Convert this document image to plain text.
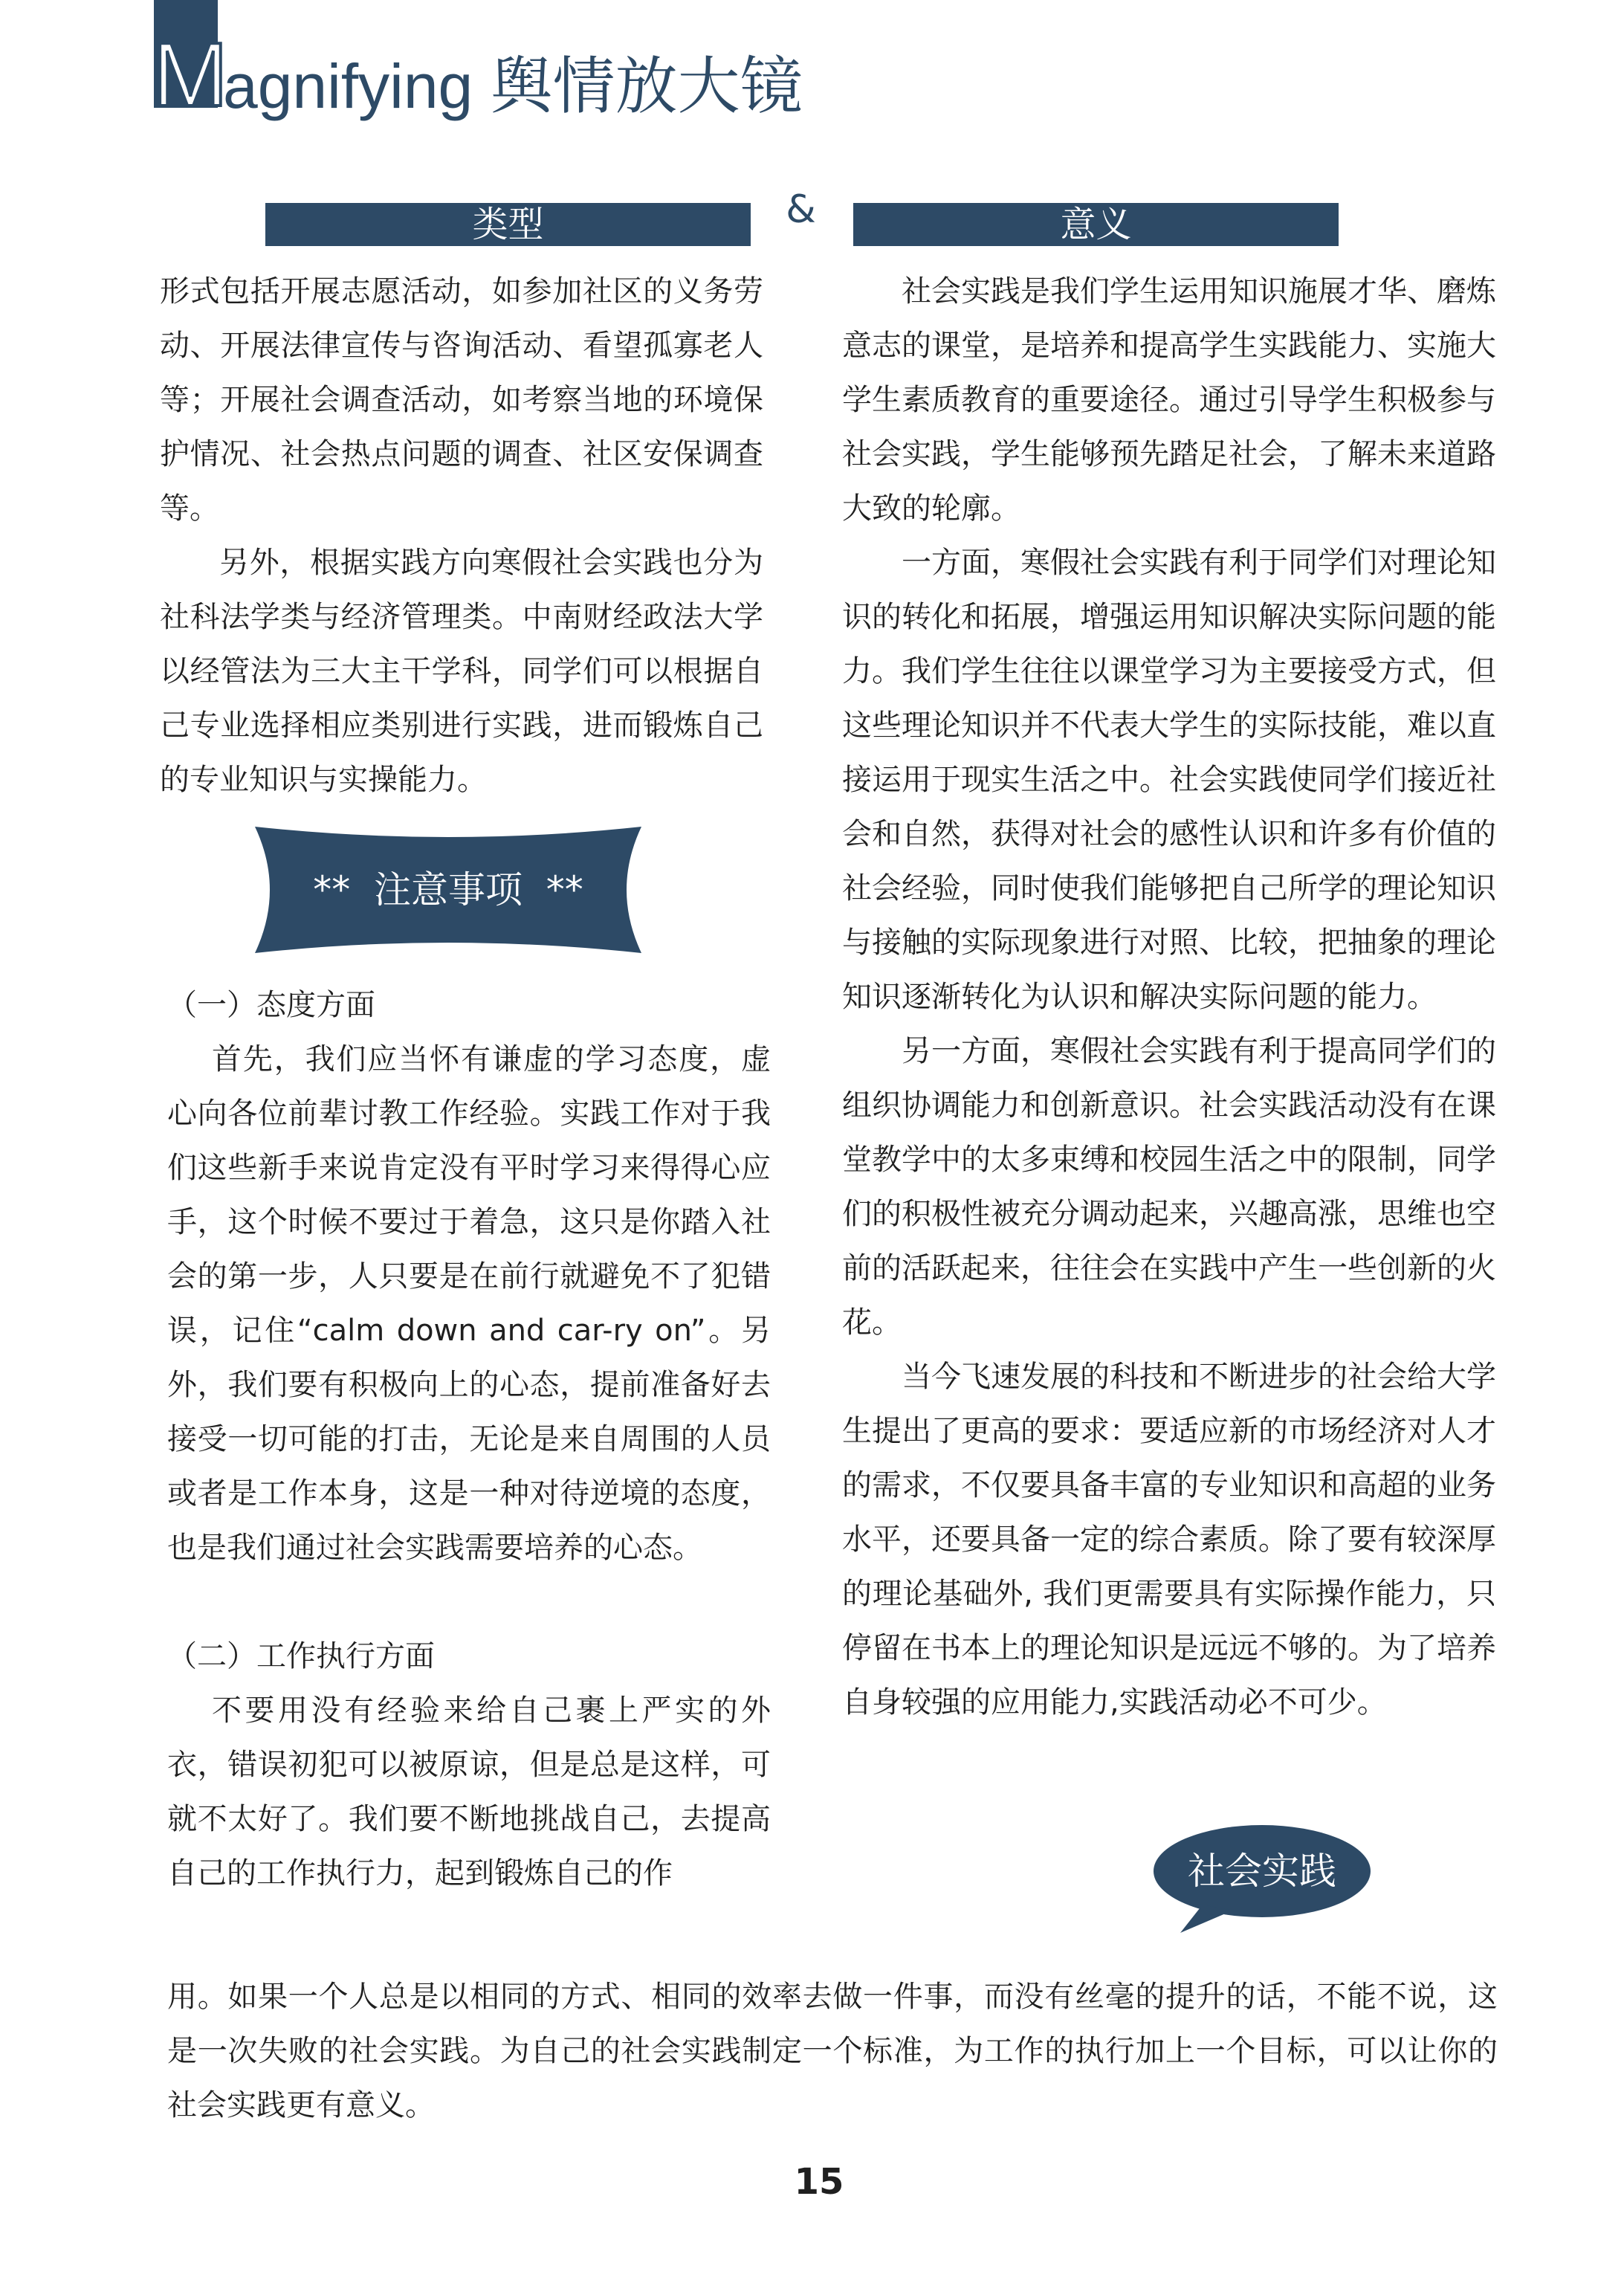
M
agnifying 舆情放大镜
类型	&	意义

形式包括开展志愿活动，如参加社区的义务劳动、开展法律宣传与咨询活动、看望孤寡老人等；开展社会调查活动，如考察当地的环境保护情况、社会热点问题的调查、社区安保调查等。

另外，根据实践方向寒假社会实践也分为社科法学类与经济管理类。中南财经政法大学以经管法为三大主干学科，同学们可以根据自己专业选择相应类别进行实践，进而锻炼自己的专业知识与实操能力。

**  注意事项  **

（一）态度方面

首先，我们应当怀有谦虚的学习态度，虚心向各位前辈讨教工作经验。实践工作对于我们这些新手来说肯定没有平时学习来得得心应手，这个时候不要过于着急，这只是你踏入社会的第一步，人只要是在前行就避免不了犯错误，记住“calm down and car-ry on”。另外，我们要有积极向上的心态，提前准备好去接受一切可能的打击，无论是来自周围的人员或者是工作本身，这是一种对待逆境的态度，也是我们通过社会实践需要培养的心态。

（二）工作执行方面

不要用没有经验来给自己裹上严实的外衣，错误初犯可以被原谅，但是总是这样，可就不太好了。我们要不断地挑战自己，去提高自己的工作执行力，起到锻炼自己的作

用。如果一个人总是以相同的方式、相同的效率去做一件事，而没有丝毫的提升的话，不能不说，这是一次失败的社会实践。为自己的社会实践制定一个标准，为工作的执行加上一个目标，可以让你的社会实践更有意义。

社会实践是我们学生运用知识施展才华、磨炼意志的课堂，是培养和提高学生实践能力、实施大学生素质教育的重要途径。通过引导学生积极参与社会实践，学生能够预先踏足社会，了解未来道路大致的轮廓。

一方面，寒假社会实践有利于同学们对理论知识的转化和拓展，增强运用知识解决实际问题的能力。我们学生往往以课堂学习为主要接受方式，但这些理论知识并不代表大学生的实际技能，难以直接运用于现实生活之中。社会实践使同学们接近社会和自然，获得对社会的感性认识和许多有价值的社会经验，同时使我们能够把自己所学的理论知识与接触的实际现象进行对照、比较，把抽象的理论知识逐渐转化为认识和解决实际问题的能力。

另一方面，寒假社会实践有利于提高同学们的组织协调能力和创新意识。社会实践活动没有在课堂教学中的太多束缚和校园生活之中的限制，同学们的积极性被充分调动起来，兴趣高涨，思维也空前的活跃起来，往往会在实践中产生一些创新的火花。

当今飞速发展的科技和不断进步的社会给大学生提出了更高的要求：要适应新的市场经济对人才的需求，不仅要具备丰富的专业知识和高超的业务水平，还要具备一定的综合素质。除了要有较深厚的理论基础外, 我们更需要具有实际操作能力，只停留在书本上的理论知识是远远不够的。为了培养自身较强的应用能力,实践活动必不可少。

社会实践
15
